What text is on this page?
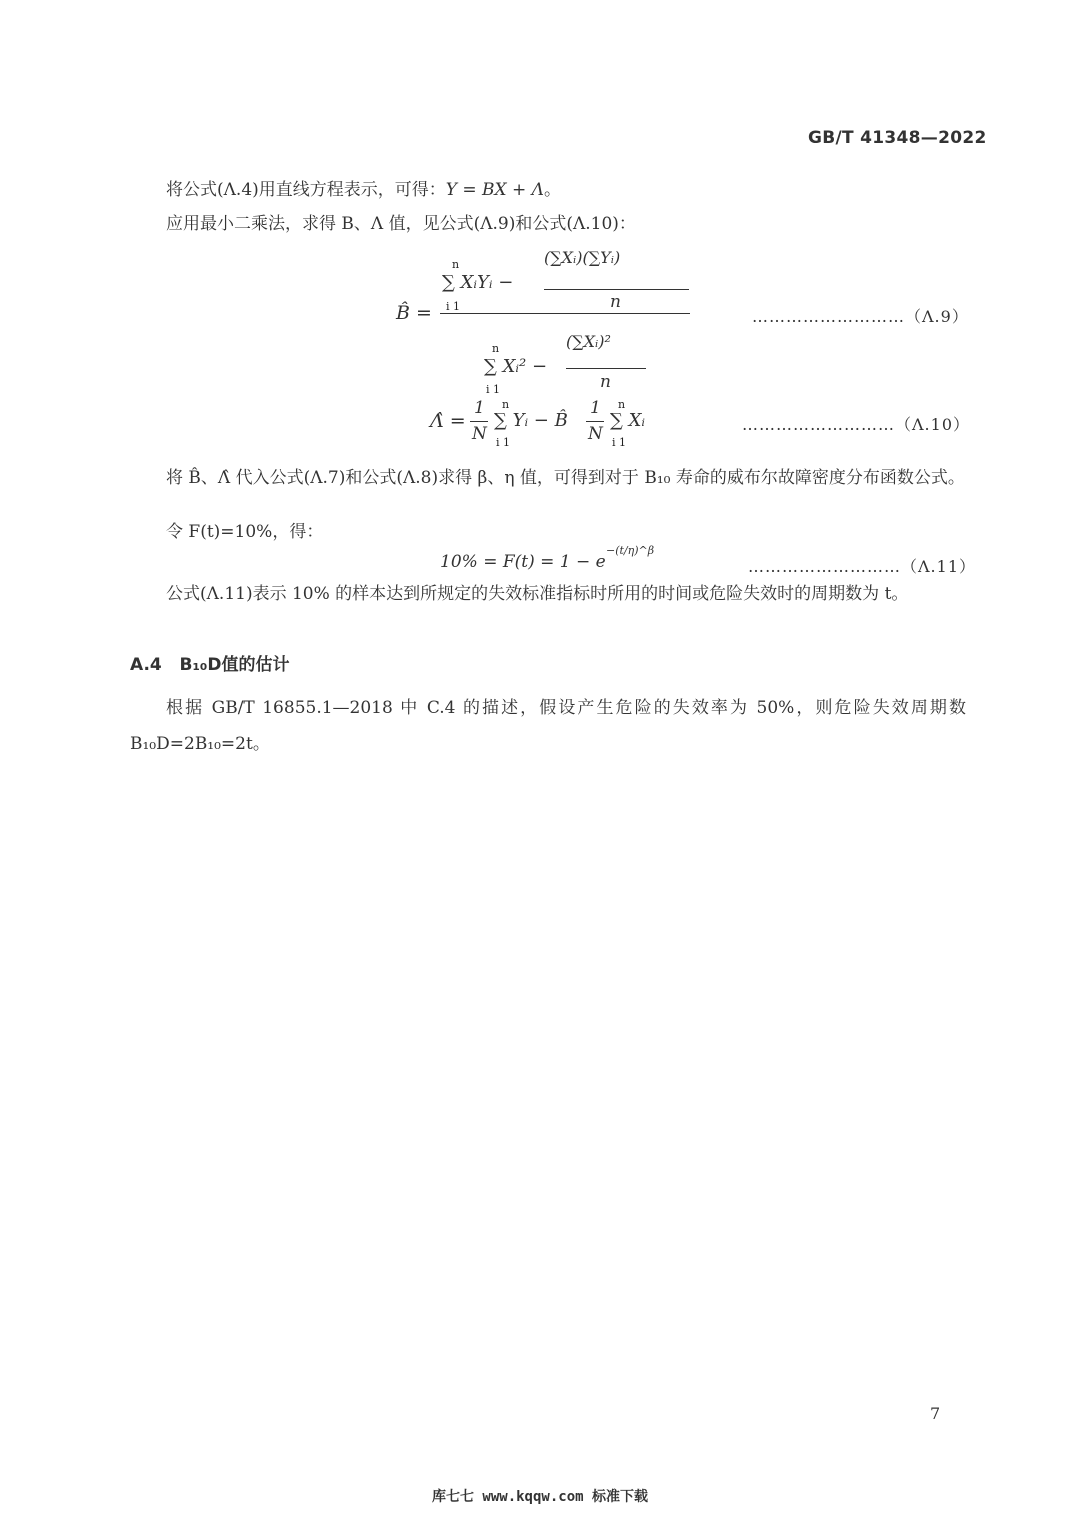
GB/T 41348—2022
将公式(Λ.4)用直线方程表示，可得：Y = BX + Λ。
应用最小二乘法，求得 B、Λ 值，见公式(Λ.9)和公式(Λ.10)：
B̂ =
n
∑ XᵢYᵢ −
i 1
(∑Xᵢ)(∑Yᵢ)
n
n
∑ Xᵢ² −
i 1
(∑Xᵢ)²
n
………………………（Λ.9）
Λ̂ =
1
N
n
∑ Yᵢ − B̂
i 1
1
N
n
∑ Xᵢ
i 1
………………………（Λ.10）
将 B̂、Λ̂ 代入公式(Λ.7)和公式(Λ.8)求得 β、η 值，可得到对于 B₁₀ 寿命的威布尔故障密度分布函数公式。
令 F(t)=10%，得：
10% = F(t) = 1 − e
−(t/η)^β
………………………（Λ.11）
公式(Λ.11)表示 10% 的样本达到所规定的失效标准指标时所用的时间或危险失效时的周期数为 t。
A.4 B₁₀D值的估计
根据 GB/T 16855.1—2018 中 C.4 的描述，假设产生危险的失效率为 50%，则危险失效周期数 B₁₀D=2B₁₀=2t。
7
库七七 www.kqqw.com 标准下载
